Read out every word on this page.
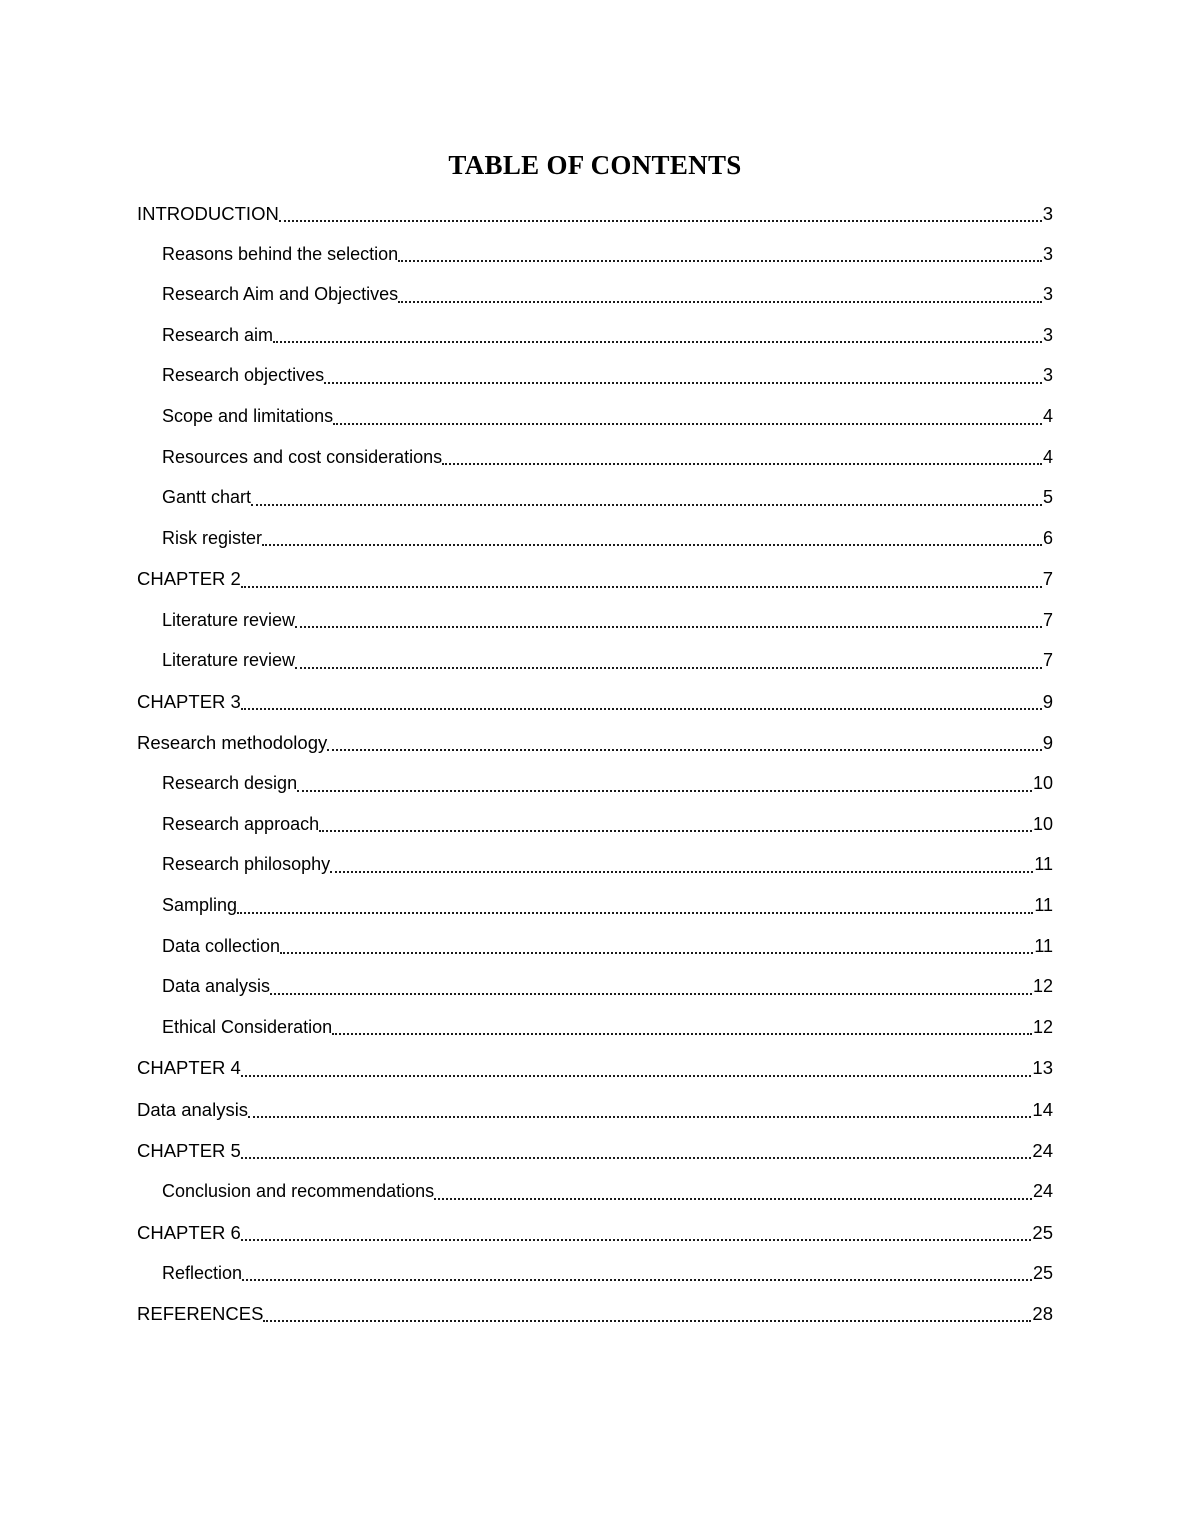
TABLE OF CONTENTS
INTRODUCTION	3
Reasons behind the selection	3
Research Aim and Objectives	3
Research aim	3
Research objectives	3
Scope and limitations	4
Resources and cost considerations	4
Gantt chart	5
Risk register	6
CHAPTER 2	7
Literature review	7
Literature review	7
CHAPTER 3	9
Research methodology	9
Research design	10
Research approach	10
Research philosophy	11
Sampling	11
Data collection	11
Data analysis	12
Ethical Consideration	12
CHAPTER 4	13
Data analysis	14
CHAPTER 5	24
Conclusion and recommendations	24
CHAPTER 6	25
Reflection	25
REFERENCES	28
